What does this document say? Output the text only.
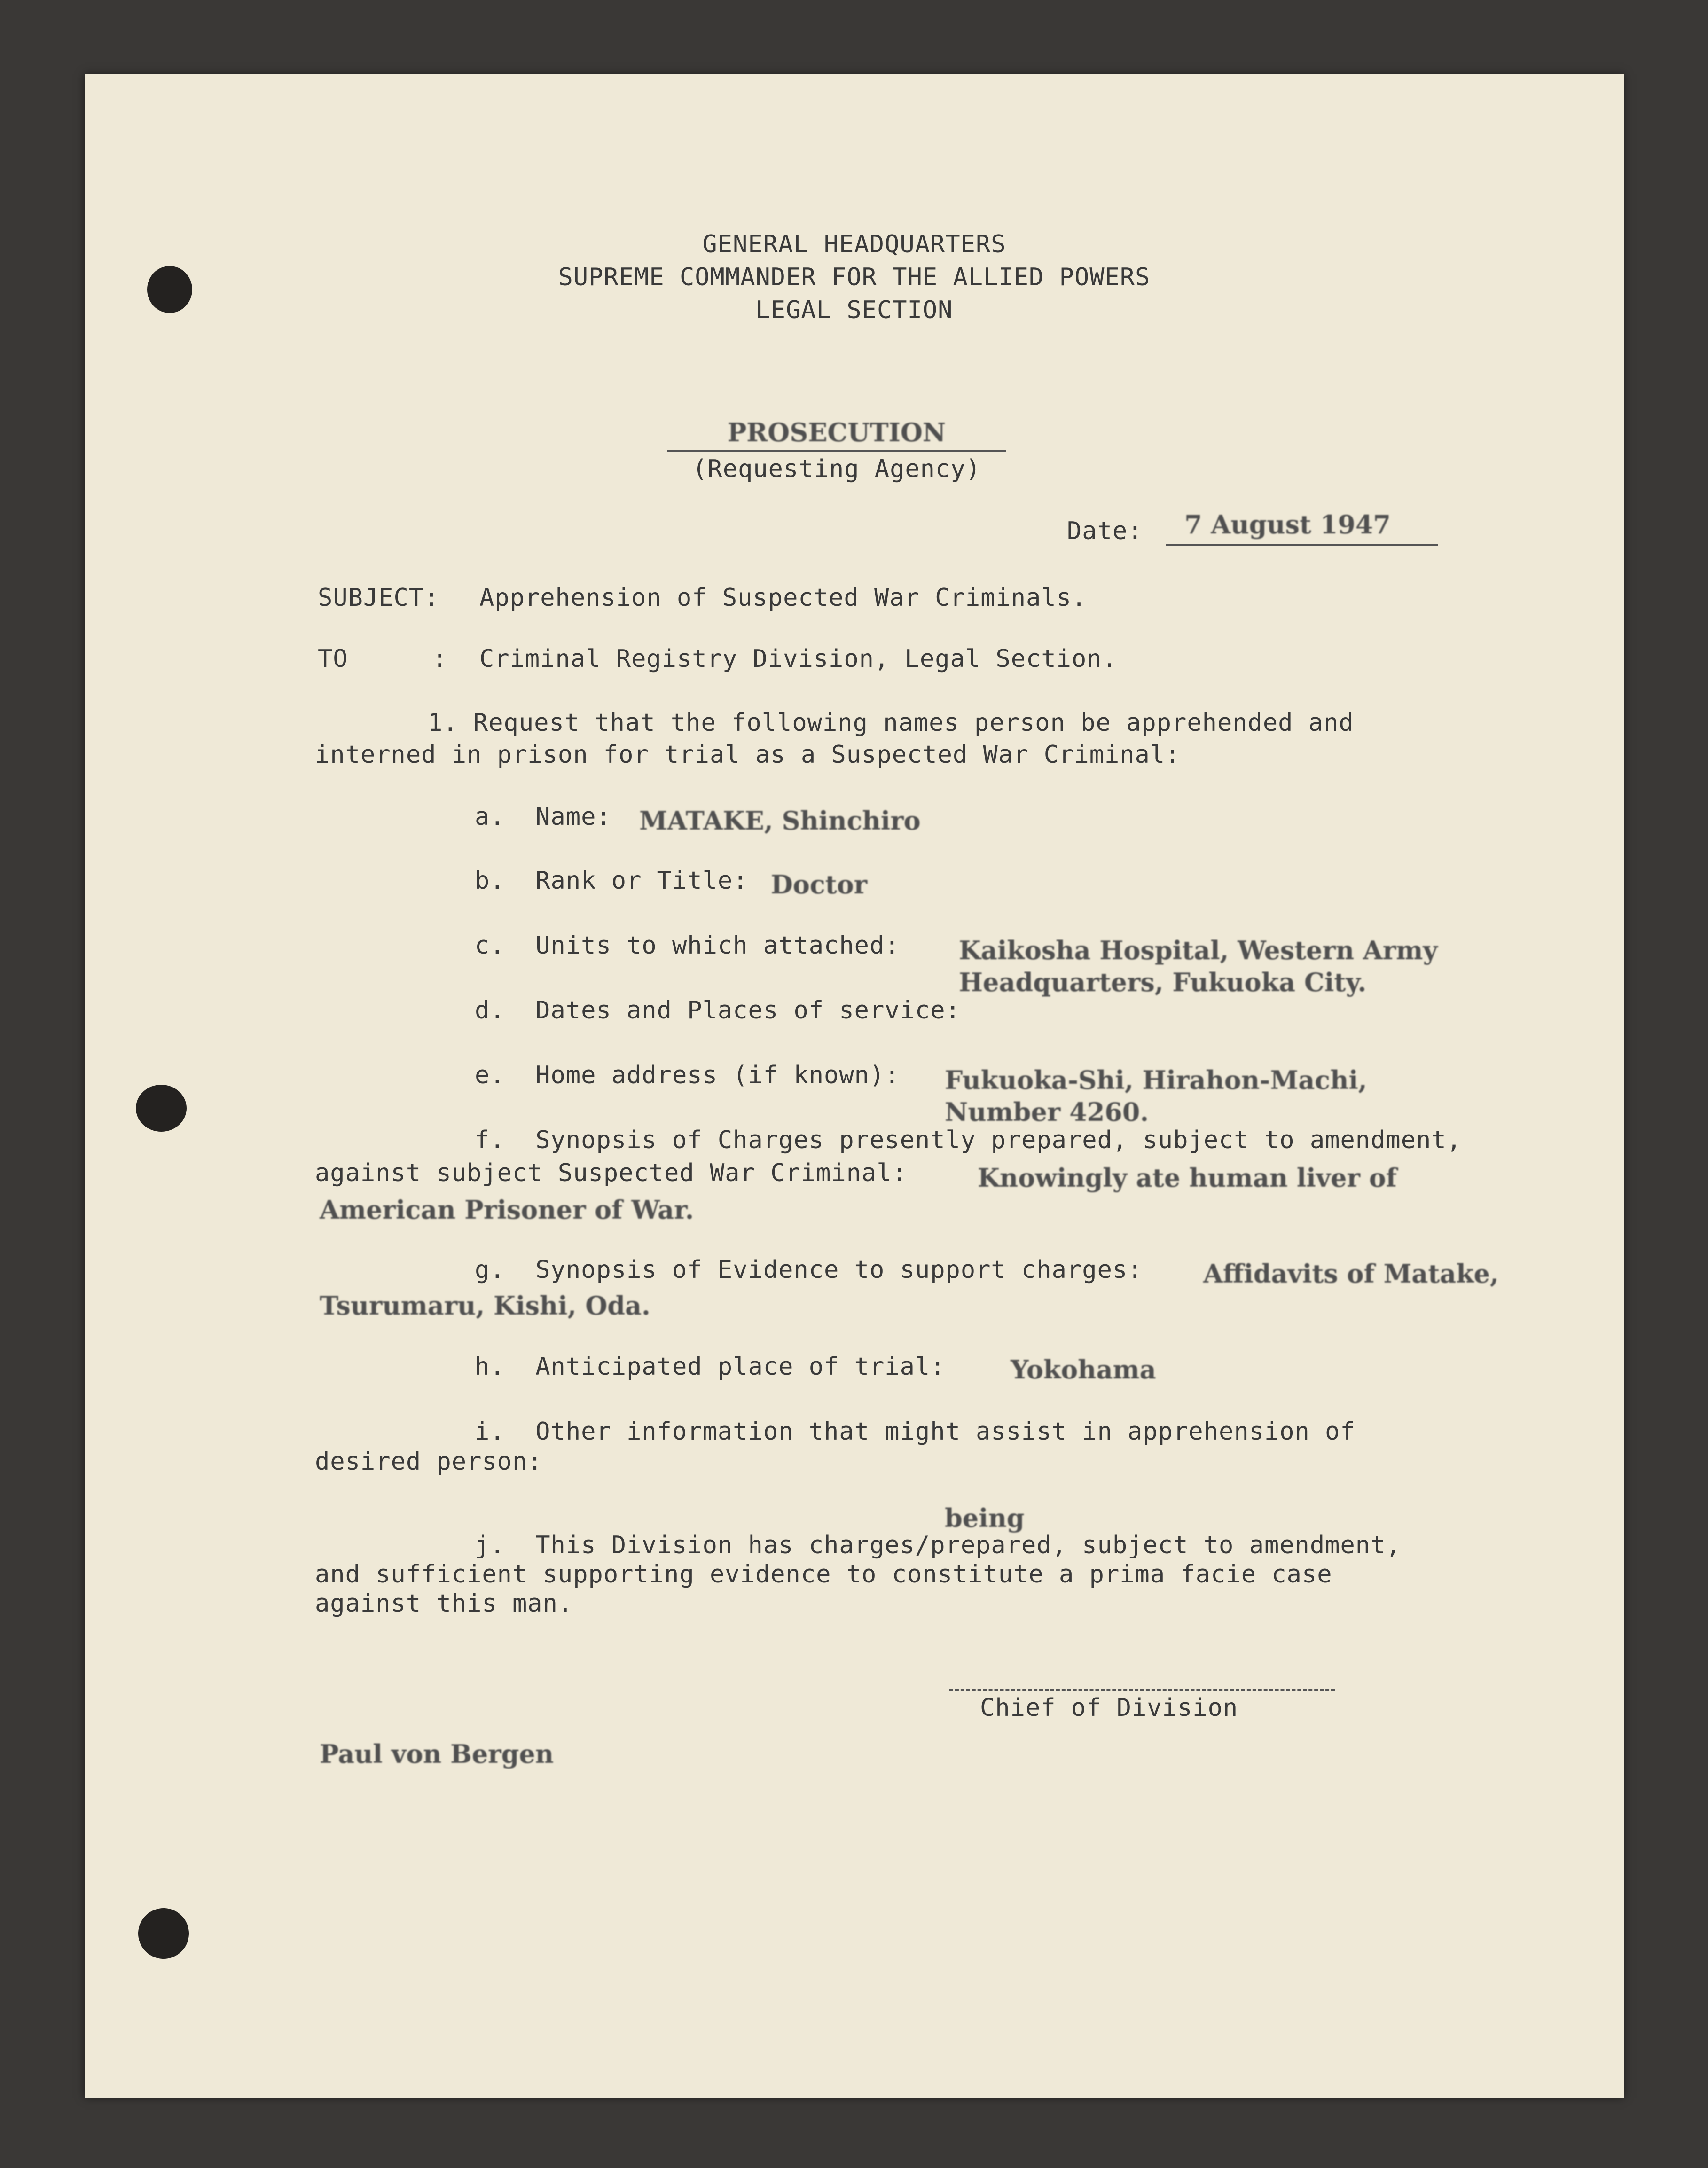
GENERAL HEADQUARTERS
SUPREME COMMANDER FOR THE ALLIED POWERS
LEGAL SECTION
PROSECUTION
(Requesting Agency)
Date: 7 August 1947
SUBJECT: Apprehension of Suspected War Criminals.
TO	: Criminal Registry Division, Legal Section.
1. Request that the following names person be apprehended and
interned in prison for trial as a Suspected War Criminal:
a.  Name: MATAKE, Shinchiro
b.  Rank or Title: Doctor
c.  Units to which attached: Kaikosha Hospital, Western Army
Headquarters, Fukuoka City.
d.  Dates and Places of service:
e.  Home address (if known): Fukuoka-Shi, Hirahon-Machi,
Number 4260.
f.  Synopsis of Charges presently prepared, subject to amendment,
against subject Suspected War Criminal:	Knowingly ate human liver of
American Prisoner of War.
g.  Synopsis of Evidence to support charges: Affidavits of Matake,
Tsurumaru, Kishi, Oda.
h.  Anticipated place of trial:	Yokohama
i.  Other information that might assist in apprehension of
desired person:
being
j.  This Division has charges/prepared, subject to amendment,
and sufficient supporting evidence to constitute a prima facie case
against this man.
Chief of Division
Paul von Bergen
